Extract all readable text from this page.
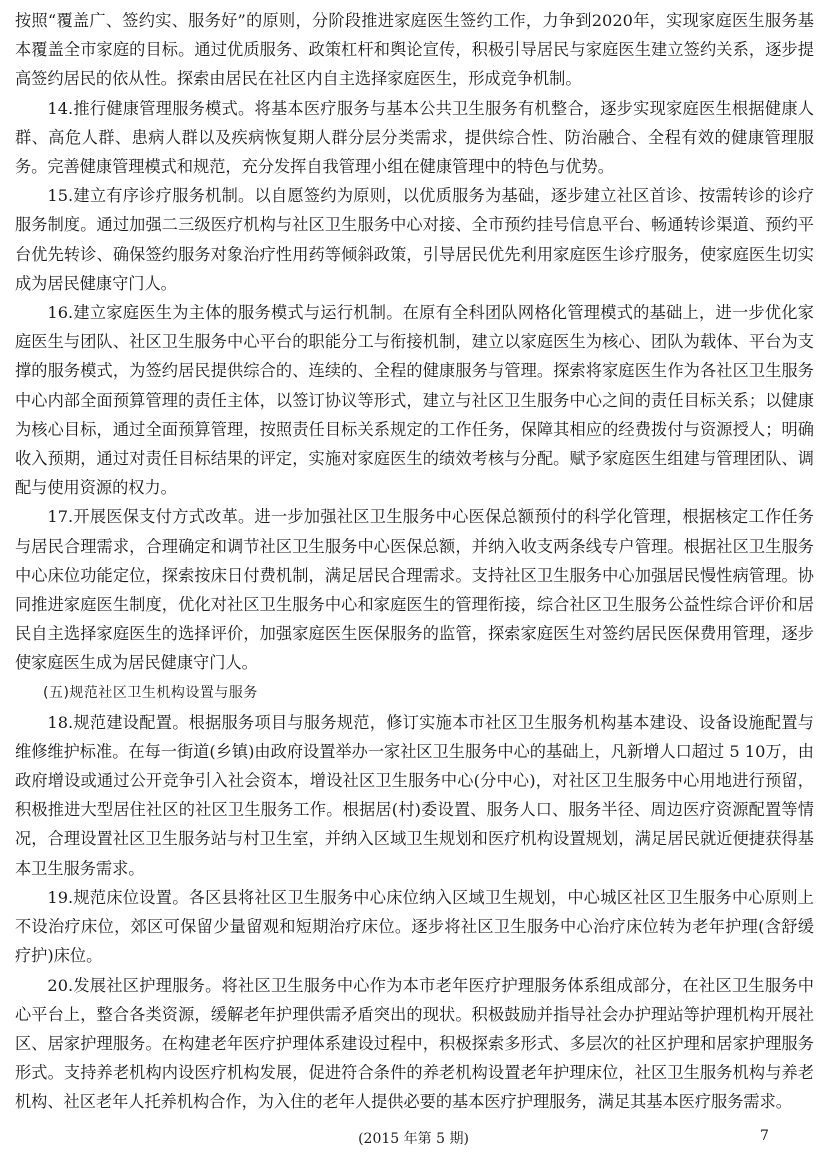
按照“覆盖广、签约实、服务好”的原则，分阶段推进家庭医生签约工作，力争到2020年，实现家庭医生服务基本覆盖全市家庭的目标。通过优质服务、政策杠杆和舆论宣传，积极引导居民与家庭医生建立签约关系，逐步提高签约居民的依从性。探索由居民在社区内自主选择家庭医生，形成竞争机制。

14.推行健康管理服务模式。将基本医疗服务与基本公共卫生服务有机整合，逐步实现家庭医生根据健康人群、高危人群、患病人群以及疾病恢复期人群分层分类需求，提供综合性、防治融合、全程有效的健康管理服务。完善健康管理模式和规范，充分发挥自我管理小组在健康管理中的特色与优势。

15.建立有序诊疗服务机制。以自愿签约为原则，以优质服务为基础，逐步建立社区首诊、按需转诊的诊疗服务制度。通过加强二三级医疗机构与社区卫生服务中心对接、全市预约挂号信息平台、畅通转诊渠道、预约平台优先转诊、确保签约服务对象治疗性用药等倾斜政策，引导居民优先利用家庭医生诊疗服务，使家庭医生切实成为居民健康守门人。

16.建立家庭医生为主体的服务模式与运行机制。在原有全科团队网格化管理模式的基础上，进一步优化家庭医生与团队、社区卫生服务中心平台的职能分工与衔接机制，建立以家庭医生为核心、团队为载体、平台为支撑的服务模式，为签约居民提供综合的、连续的、全程的健康服务与管理。探索将家庭医生作为各社区卫生服务中心内部全面预算管理的责任主体，以签订协议等形式，建立与社区卫生服务中心之间的责任目标关系；以健康为核心目标，通过全面预算管理，按照责任目标关系规定的工作任务，保障其相应的经费拨付与资源授人；明确收入预期，通过对责任目标结果的评定，实施对家庭医生的绩效考核与分配。赋予家庭医生组建与管理团队、调配与使用资源的权力。

17.开展医保支付方式改革。进一步加强社区卫生服务中心医保总额预付的科学化管理，根据核定工作任务与居民合理需求，合理确定和调节社区卫生服务中心医保总额，并纳入收支两条线专户管理。根据社区卫生服务中心床位功能定位，探索按床日付费机制，满足居民合理需求。支持社区卫生服务中心加强居民慢性病管理。协同推进家庭医生制度，优化对社区卫生服务中心和家庭医生的管理衔接，综合社区卫生服务公益性综合评价和居民自主选择家庭医生的选择评价，加强家庭医生医保服务的监管，探索家庭医生对签约居民医保费用管理，逐步使家庭医生成为居民健康守门人。

(五)规范社区卫生机构设置与服务

18.规范建设配置。根据服务项目与服务规范，修订实施本市社区卫生服务机构基本建设、设备设施配置与维修维护标准。在每一街道(乡镇)由政府设置举办一家社区卫生服务中心的基础上，凡新增人口超过 5 10万，由政府增设或通过公开竞争引入社会资本，增设社区卫生服务中心(分中心)，对社区卫生服务中心用地进行预留，积极推进大型居住社区的社区卫生服务工作。根据居(村)委设置、服务人口、服务半径、周边医疗资源配置等情况，合理设置社区卫生服务站与村卫生室，并纳入区域卫生规划和医疗机构设置规划，满足居民就近便捷获得基本卫生服务需求。

19.规范床位设置。各区县将社区卫生服务中心床位纳入区域卫生规划，中心城区社区卫生服务中心原则上不设治疗床位，郊区可保留少量留观和短期治疗床位。逐步将社区卫生服务中心治疗床位转为老年护理(含舒缓疗护)床位。

20.发展社区护理服务。将社区卫生服务中心作为本市老年医疗护理服务体系组成部分，在社区卫生服务中心平台上，整合各类资源，缓解老年护理供需矛盾突出的现状。积极鼓励并指导社会办护理站等护理机构开展社区、居家护理服务。在构建老年医疗护理体系建设过程中，积极探索多形式、多层次的社区护理和居家护理服务形式。支持养老机构内设医疗机构发展，促进符合条件的养老机构设置老年护理床位，社区卫生服务机构与养老机构、社区老年人托养机构合作，为入住的老年人提供必要的基本医疗护理服务，满足其基本医疗服务需求。

(2015 年第 5 期)	7
